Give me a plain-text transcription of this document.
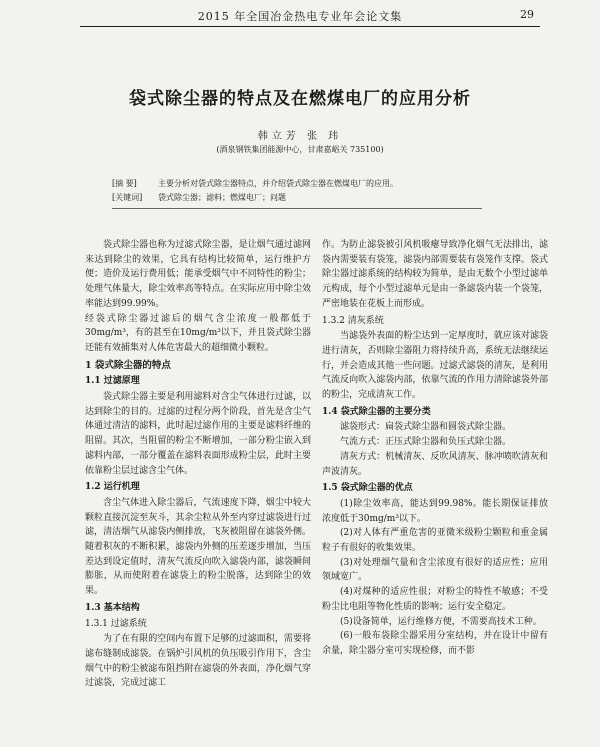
2015 年全国冶金热电专业年会论文集	29
袋式除尘器的特点及在燃煤电厂的应用分析
韩立芳 张 玮
(酒泉钢铁集团能源中心，甘肃嘉峪关 735100)
[摘 要]	主要分析对袋式除尘器特点，并介绍袋式除尘器在燃煤电厂的应用。
[关键词] 袋式除尘器；滤料；燃煤电厂；问题

袋式除尘器也称为过滤式除尘器，是让烟气通过滤网来达到除尘的效果，它具有结构比较简单，运行维护方便；造价及运行费用低；能承受烟气中不同特性的粉尘；处理气体量大，除尘效率高等特点。在实际应用中除尘效率能达到99.99%。

经袋式除尘器过滤后的烟气含尘浓度一般都低于30mg/m³，有的甚至在10mg/m³以下，并且袋式除尘器还能有效捕集对人体危害最大的超细微小颗粒。

1 袋式除尘器的特点
1.1 过滤原理

袋式除尘器主要是利用滤料对含尘气体进行过滤，以达到除尘的目的。过滤的过程分两个阶段，首先是含尘气体通过清洁的滤料，此时起过滤作用的主要是滤料纤维的阻留。其次，当阻留的粉尘不断增加，一部分粉尘嵌入到滤料内部，一部分覆盖在滤料表面形成粉尘层，此时主要依靠粉尘层过滤含尘气体。

1.2 运行机理

含尘气体进入除尘器后，气流速度下降，烟尘中较大颗粒直接沉淀至灰斗，其余尘粒从外至内穿过滤袋进行过滤，清洁烟气从滤袋内侧排放，飞灰被阻留在滤袋外侧。随着积灰的不断积累，滤袋内外侧的压差逐步增加，当压差达到设定值时，清灰气流反向吹入滤袋内部，滤袋瞬间膨胀，从而使附着在滤袋上的粉尘脱落，达到除尘的效果。

1.3 基本结构
1.3.1 过滤系统

为了在有限的空间内布置下足够的过滤面积，需要将滤布缝制成滤袋。在锅炉引风机的负压吸引作用下，含尘烟气中的粉尘被滤布阻挡附在滤袋的外表面，净化烟气穿过滤袋，完成过滤工

作。为防止滤袋被引风机吸瘪导致净化烟气无法排出，滤袋内需要装有袋笼，滤袋内部需要装有袋笼作支撑。袋式除尘器过滤系统的结构较为简单，是由无数个小型过滤单元构成，每个小型过滤单元是由一条滤袋内装一个袋笼，严密地装在花板上而形成。

1.3.2 清灰系统

当滤袋外表面的粉尘达到一定厚度时，就应该对滤袋进行清灰，否则除尘器阻力将持续升高，系统无法继续运行，并会造成其他一些问题。过滤式滤袋的清灰，是利用气流反向吹入滤袋内部，依靠气流的作用力清除滤袋外部的粉尘，完成清灰工作。

1.4 袋式除尘器的主要分类

滤袋形式：扁袋式除尘器和圆袋式除尘器。

气流方式：正压式除尘器和负压式除尘器。

清灰方式：机械清灰、反吹风清灰、脉冲喷吹清灰和声波清灰。

1.5 袋式除尘器的优点

(1)除尘效率高，能达到99.98%。能长期保证排放浓度低于30mg/m³以下。

(2)对人体有严重危害的亚微米级粉尘颗粒和重金属粒子有很好的收集效果。

(3)对处理烟气量和含尘浓度有很好的适应性；应用领域宽广。

(4)对煤种的适应性很；对粉尘的特性不敏感；不受粉尘比电阻等物化性质的影响；运行安全稳定。

(5)设备简单，运行维修方便，不需要高技术工种。

(6)一般布袋除尘器采用分室结构，并在设计中留有余量，除尘器分室可实现检修，而不影
